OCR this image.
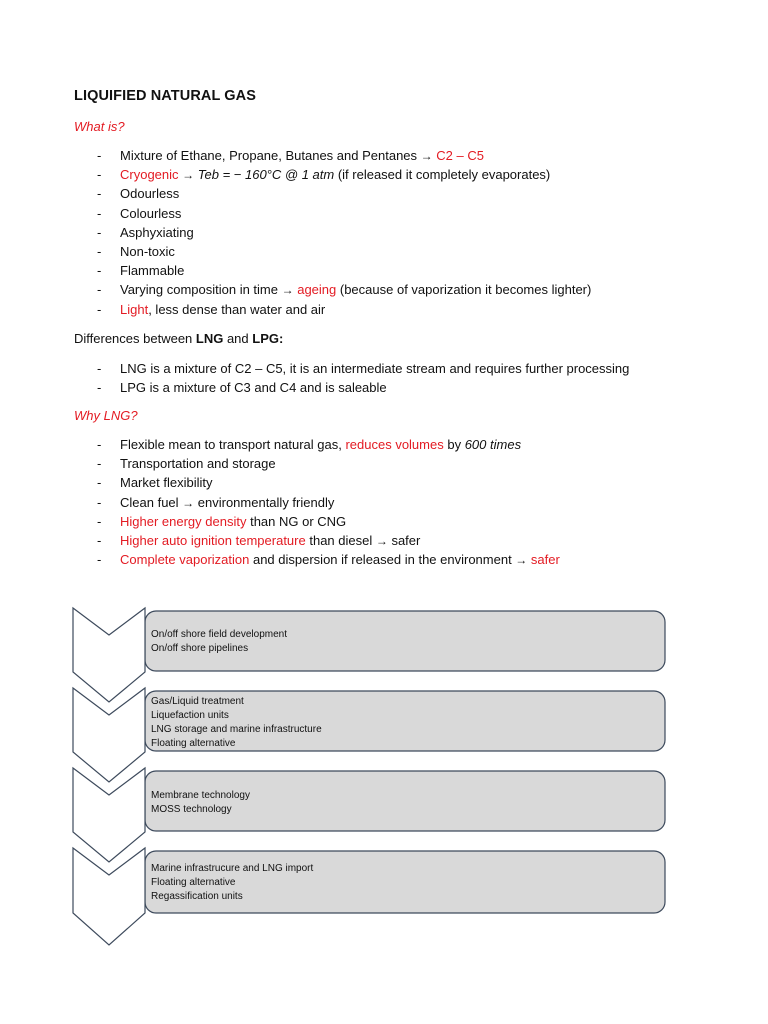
LIQUIFIED NATURAL GAS

What is?

- Mixture of Ethane, Propane, Butanes and Pentanes → C2 – C5
- Cryogenic → Teb = − 160°C @ 1 atm (if released it completely evaporates)
- Odourless
- Colourless
- Asphyxiating
- Non-toxic
- Flammable
- Varying composition in time → ageing (because of vaporization it becomes lighter)
- Light, less dense than water and air

Differences between LNG and LPG:

- LNG is a mixture of C2 – C5, it is an intermediate stream and requires further processing
- LPG is a mixture of C3 and C4 and is saleable

Why LNG?

- Flexible mean to transport natural gas, reduces volumes by 600 times
- Transportation and storage
- Market flexibility
- Clean fuel → environmentally friendly
- Higher energy density than NG or CNG
- Higher auto ignition temperature than diesel → safer
- Complete vaporization and dispersion if released in the environment → safer
On/off shore field development
On/off shore pipelines
Gas/Liquid treatment
Liquefaction units
LNG storage and marine infrastructure
Floating alternative
Membrane technology
MOSS technology
Marine infrastrucure and LNG import
Floating alternative
Regassification units
